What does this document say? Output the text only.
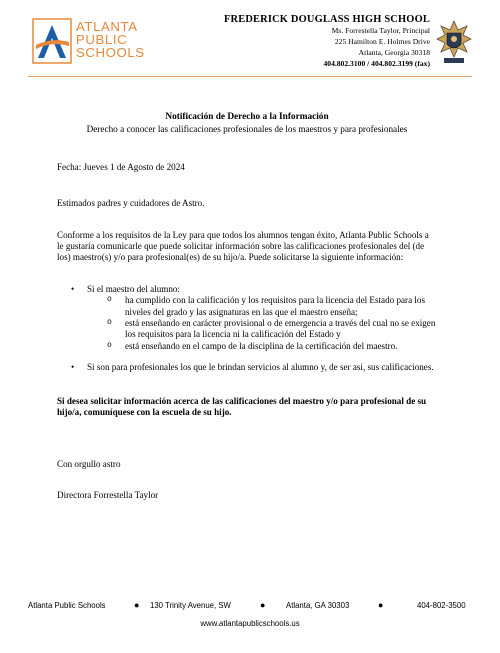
ATLANTA
PUBLIC
SCHOOLS
FREDERICK DOUGLASS HIGH SCHOOL
Ms. Forrestella Taylor, Principal
225 Hamilton E. Holmes Drive
Atlanta, Georgia 30318
404.802.3100 / 404.802.3199 (fax)
Notificación de Derecho a la Información
Derecho a conocer las calificaciones profesionales de los maestros y para profesionales

Fecha: Jueves 1 de Agosto de 2024

Estimados padres y cuidadores de Astro.

Conforme a los requisitos de la Ley para que todos los alumnos tengan éxito, Atlanta Public Schools a le gustaría comunicarle que puede solicitar información sobre las calificaciones profesionales del (de los) maestro(s) y/o para profesional(es) de su hijo/a. Puede solicitarse la siguiente información:

• Si el maestro del alumno:
o ha cumplido con la calificación y los requisitos para la licencia del Estado para los niveles del grado y las asignaturas en las que el maestro enseña;
o está enseñando en carácter provisional o de emergencia a través del cual no se exigen los requisitos para la licencia ni la calificación del Estado y
o está enseñando en el campo de la disciplina de la certificación del maestro.
• Si son para profesionales los que le brindan servicios al alumno y, de ser así, sus calificaciones.

Si desea solicitar información acerca de las calificaciones del maestro y/o para profesional de su hijo/a, comuníquese con la escuela de su hijo.

Con orgullo astro

Directora Forrestella Taylor

Atlanta Public Schools	● 130 Trinity Avenue, SW	●	Atlanta, GA 30303	●	404-802-3500
www.atlantapublicschools.us
